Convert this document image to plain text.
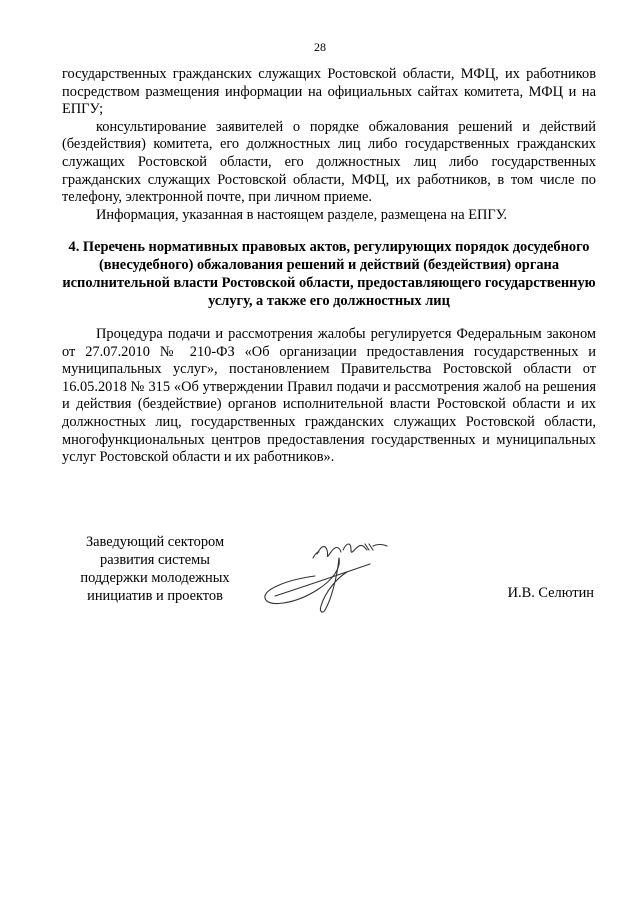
28

государственных гражданских служащих Ростовской области, МФЦ, их работников посредством размещения информации на официальных сайтах комитета, МФЦ и на ЕПГУ;

консультирование заявителей о порядке обжалования решений и действий (бездействия) комитета, его должностных лиц либо государственных гражданских служащих Ростовской области, его должностных лиц либо государственных гражданских служащих Ростовской области, МФЦ, их работников, в том числе по телефону, электронной почте, при личном приеме.

Информация, указанная в настоящем разделе, размещена на ЕПГУ.

4. Перечень нормативных правовых актов, регулирующих порядок досудебного (внесудебного) обжалования решений и действий (бездействия) органа исполнительной власти Ростовской области, предоставляющего государственную услугу, а также его должностных лиц

Процедура подачи и рассмотрения жалобы регулируется Федеральным законом от 27.07.2010 № 210-ФЗ «Об организации предоставления государственных и муниципальных услуг», постановлением Правительства Ростовской области от 16.05.2018 № 315 «Об утверждении Правил подачи и рассмотрения жалоб на решения и действия (бездействие) органов исполнительной власти Ростовской области и их должностных лиц, государственных гражданских служащих Ростовской области, многофункциональных центров предоставления государственных и муниципальных услуг Ростовской области и их работников».

Заведующий сектором
развития системы
поддержки молодежных
инициатив и проектов	И.В. Селютин
